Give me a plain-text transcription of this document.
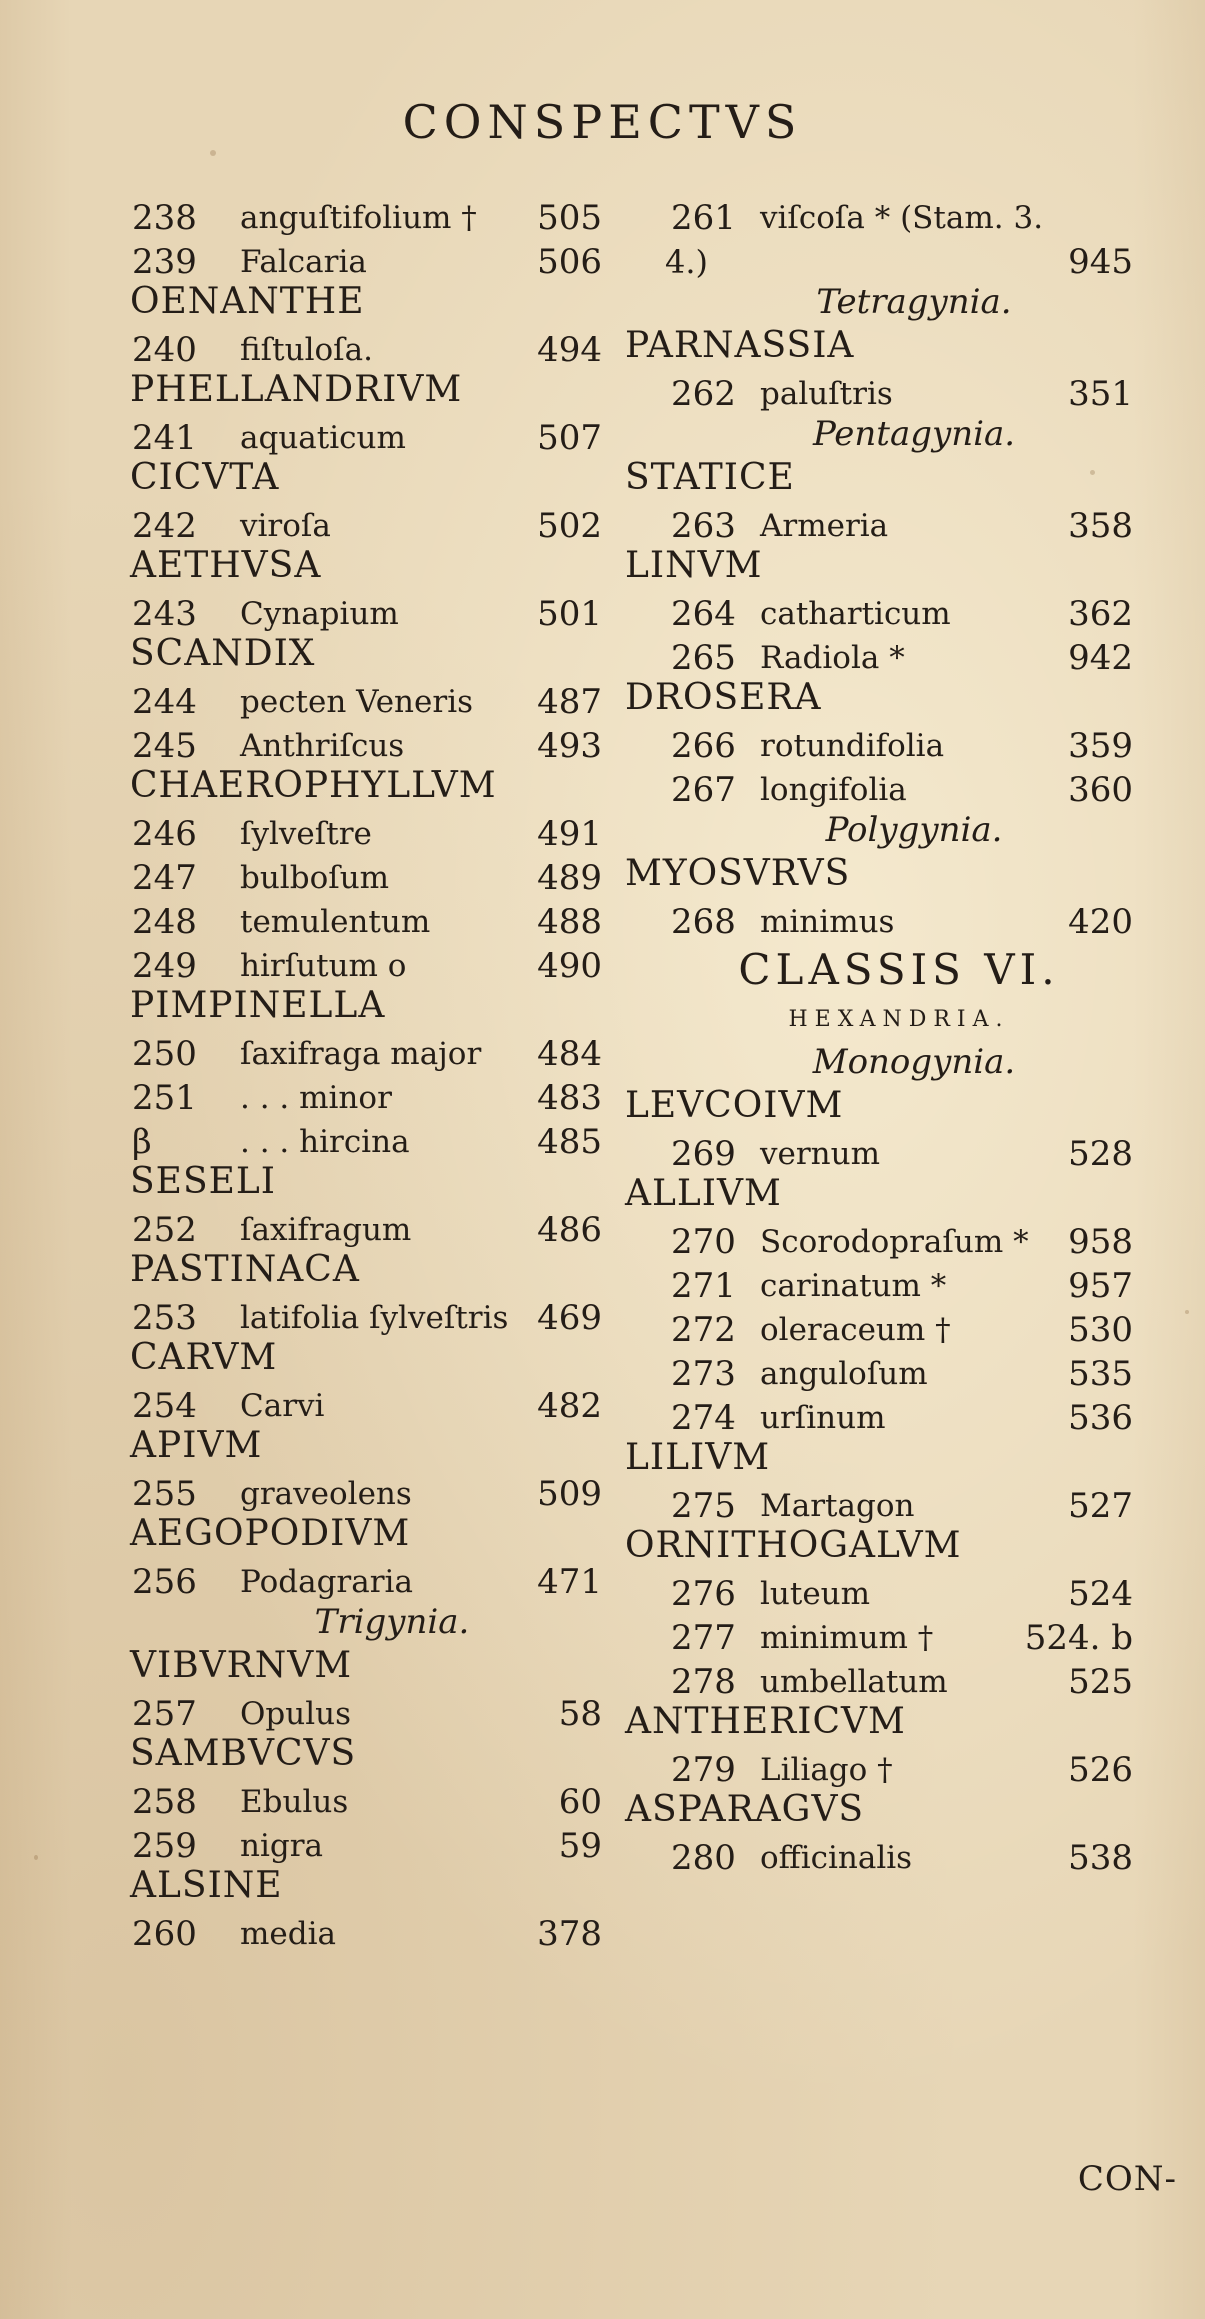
CONSPECTVS
238 anguſtifolium † 505
239 Falcaria	506
OENANTHE
240 fiſtuloſa.	494
PHELLANDRIVM
241 aquaticum	507
CICVTA
242 viroſa	502
AETHVSA
243 Cynapium	501
SCANDIX
244 pecten Veneris 487
245 Anthriſcus	493
CHAEROPHYLLVM
246 ſylveſtre	491
247 bulboſum	489
248 temulentum	488
249 hirſutum o	490
PIMPINELLA
250 ſaxifraga major 484
251 . . . minor	483
β	. . . hircina	485
SESELI
252 ſaxifragum	486
PASTINACA
253 latifolia ſylveſtris 469
CARVM
254 Carvi	482
APIVM
255 graveolens	509
AEGOPODIVM
256 Podagraria	471
Trigynia.
VIBVRNVM
257 Opulus	58
SAMBVCVS
258 Ebulus	60
259 nigra	59
ALSINE
260 media	378
261 viſcoſa * (Stam. 3.
4.)	945
Tetragynia.
PARNASSIA
262 paluſtris	351
Pentagynia.
STATICE
263 Armeria	358
LINVM
264 catharticum	362
265 Radiola *	942
DROSERA
266 rotundifolia	359
267 longifolia	360
Polygynia.
MYOSVRVS
268 minimus	420
CLASSIS VI.
HEXANDRIA.
Monogynia.
LEVCOIVM
269 vernum	528
ALLIVM
270 Scorodopraſum * 958
271 carinatum *	957
272 oleraceum †	530
273 anguloſum	535
274 urſinum	536
LILIVM
275 Martagon	527
ORNITHOGALVM
276 luteum	524
277 minimum †	524. b
278 umbellatum	525
ANTHERICVM
279 Liliago †	526
ASPARAGVS
280 officinalis	538
CON-
